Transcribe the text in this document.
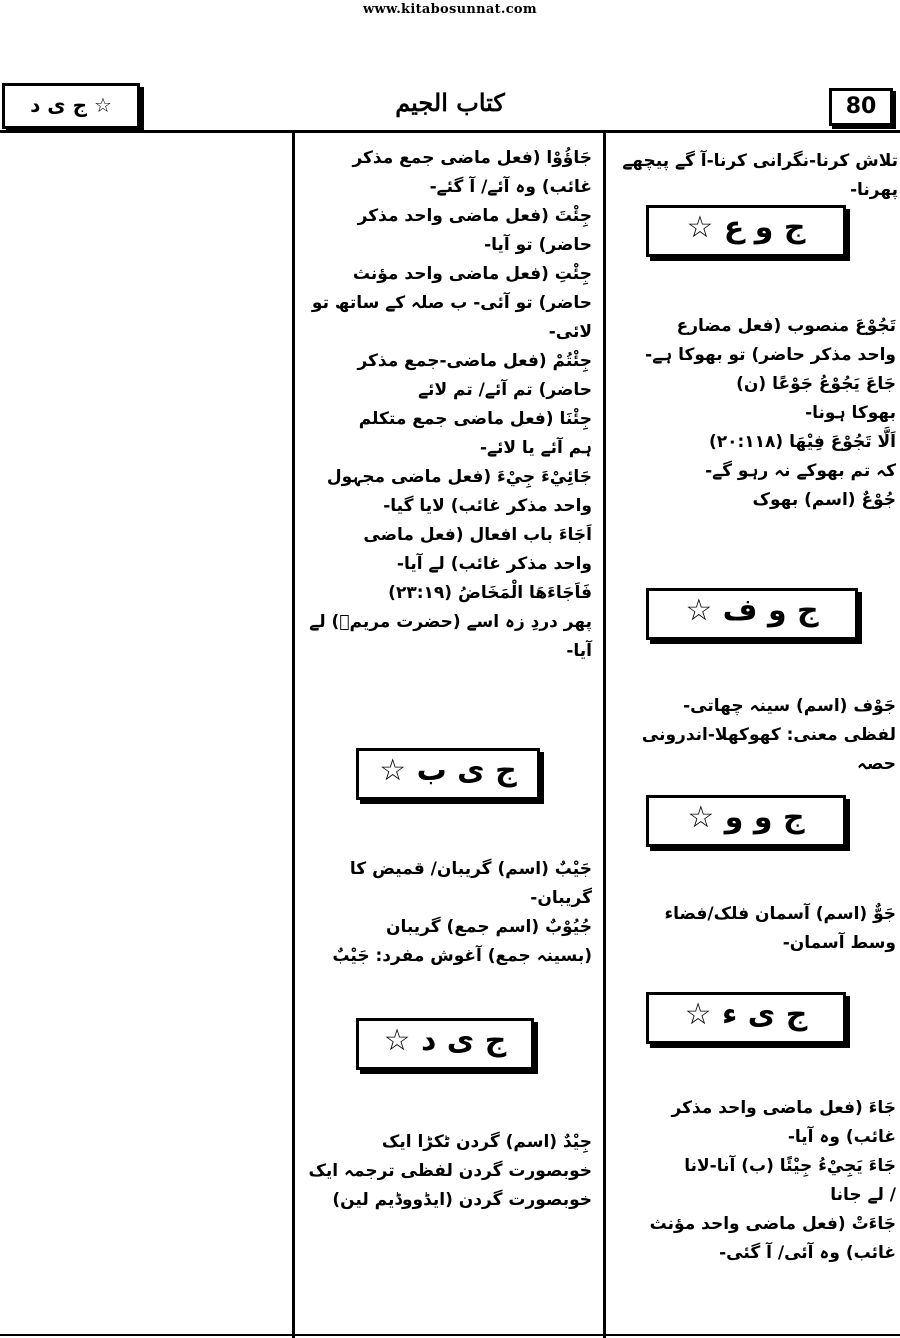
www.kitabosunnat.com
ج ی د ☆	کتاب الجیم	80

تلاش کرنا-نگرانی کرنا-آ گے پیچھے پھرنا-

ج و ع ☆

تَجُوْعَ منصوب (فعل مضارع

واحد مذکر حاضر) تو بھوکا ہے-

جَاعَ يَجُوْعُ جَوْعًا (ن)

بھوکا ہونا-

اَلَّا تَجُوْعَ فِيْهَا (۲۰:۱۱۸)

کہ تم بھوکے نہ رہو گے-

جُوْعٌ (اسم) بھوک

ج و ف ☆

جَوْف (اسم) سینہ چھاتی-

لفظی معنی: کھوکھلا-اندرونی حصہ

ج و و ☆

جَوٌّ (اسم) آسمان فلک/فضاء

وسط آسمان-

ج ی ء ☆

جَاءَ (فعل ماضی واحد مذکر

غائب) وہ آیا-

جَاءَ يَجِيْءُ جِيْئًا (ب) آنا-لانا

/ لے جانا

جَاءَتْ (فعل ماضی واحد مؤنث

غائب) وہ آئی/ آ گئی-

جَاؤُوْا (فعل ماضی جمع مذکر

غائب) وہ آئے/ آ گئے-

جِئْتَ (فعل ماضی واحد مذکر

حاضر) تو آیا-

جِئْتِ (فعل ماضی واحد مؤنث

حاضر) تو آئی- ب صلہ کے ساتھ تو لائی-

جِئْتُمْ (فعل ماضی-جمع مذکر

حاضر) تم آئے/ تم لائے

جِئْنَا (فعل ماضی جمع متکلم

ہم آئے یا لائے-

جَائِيْءَ جِيْءَ (فعل ماضی مجہول

واحد مذکر غائب) لایا گیا-

اَجَاءَ باب افعال (فعل ماضی

واحد مذکر غائب) لے آیا-

فَاَجَاءَهَا الْمَخَاضُ (۲۳:۱۹)

پھر دردِ زہ اسے (حضرت مریمؑ) لے آیا-

ج ی ب ☆

جَيْبٌ (اسم) گریبان/ قمیض کا

گریبان-

جُيُوْبٌ (اسم جمع) گریبان

(بسینہ جمع) آغوش مفرد: جَيْبٌ

ج ی د ☆

جِيْدٌ (اسم) گردن ٹکڑا ایک

خوبصورت گردن لفظی ترجمہ ایک

خوبصورت گردن (ایڈووڈیم لین)
